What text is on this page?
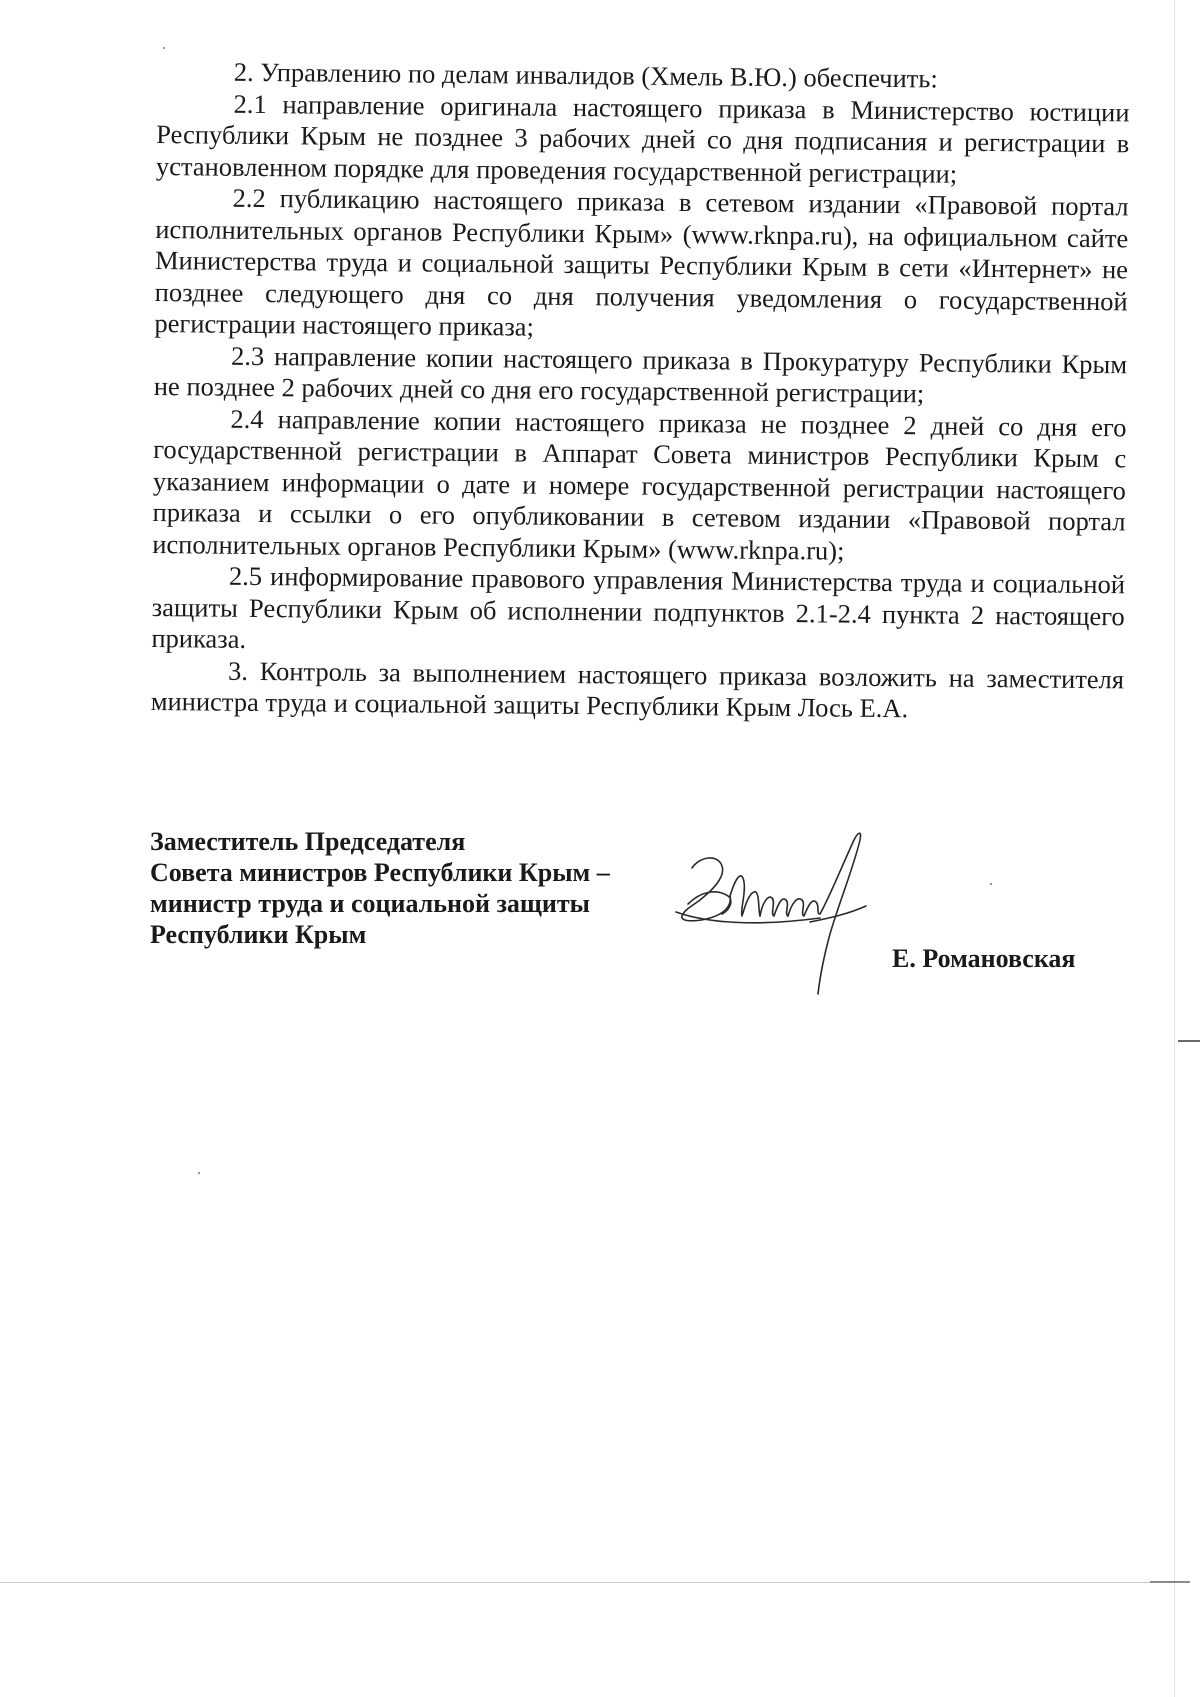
2. Управлению по делам инвалидов (Хмель В.Ю.) обеспечить:

2.1 направление оригинала настоящего приказа в Министерство юстиции Республики Крым не позднее 3 рабочих дней со дня подписания и регистрации в установленном порядке для проведения государственной регистрации;

2.2 публикацию настоящего приказа в сетевом издании «Правовой портал исполнительных органов Республики Крым» (www.rknpa.ru), на официальном сайте Министерства труда и социальной защиты Республики Крым в сети «Интернет» не позднее следующего дня со дня получения уведомления о государственной регистрации настоящего приказа;

2.3 направление копии настоящего приказа в Прокуратуру Республики Крым не позднее 2 рабочих дней со дня его государственной регистрации;

2.4 направление копии настоящего приказа не позднее 2 дней со дня его государственной регистрации в Аппарат Совета министров Республики Крым с указанием информации о дате и номере государственной регистрации настоящего приказа и ссылки о его опубликовании в сетевом издании «Правовой портал исполнительных органов Республики Крым» (www.rknpa.ru);

2.5 информирование правового управления Министерства труда и социальной защиты Республики Крым об исполнении подпунктов 2.1-2.4 пункта 2 настоящего приказа.

3. Контроль за выполнением настоящего приказа возложить на заместителя министра труда и социальной защиты Республики Крым Лось Е.А.

Заместитель Председателя
Совета министров Республики Крым –
министр труда и социальной защиты
Республики Крым
Е. Романовская
